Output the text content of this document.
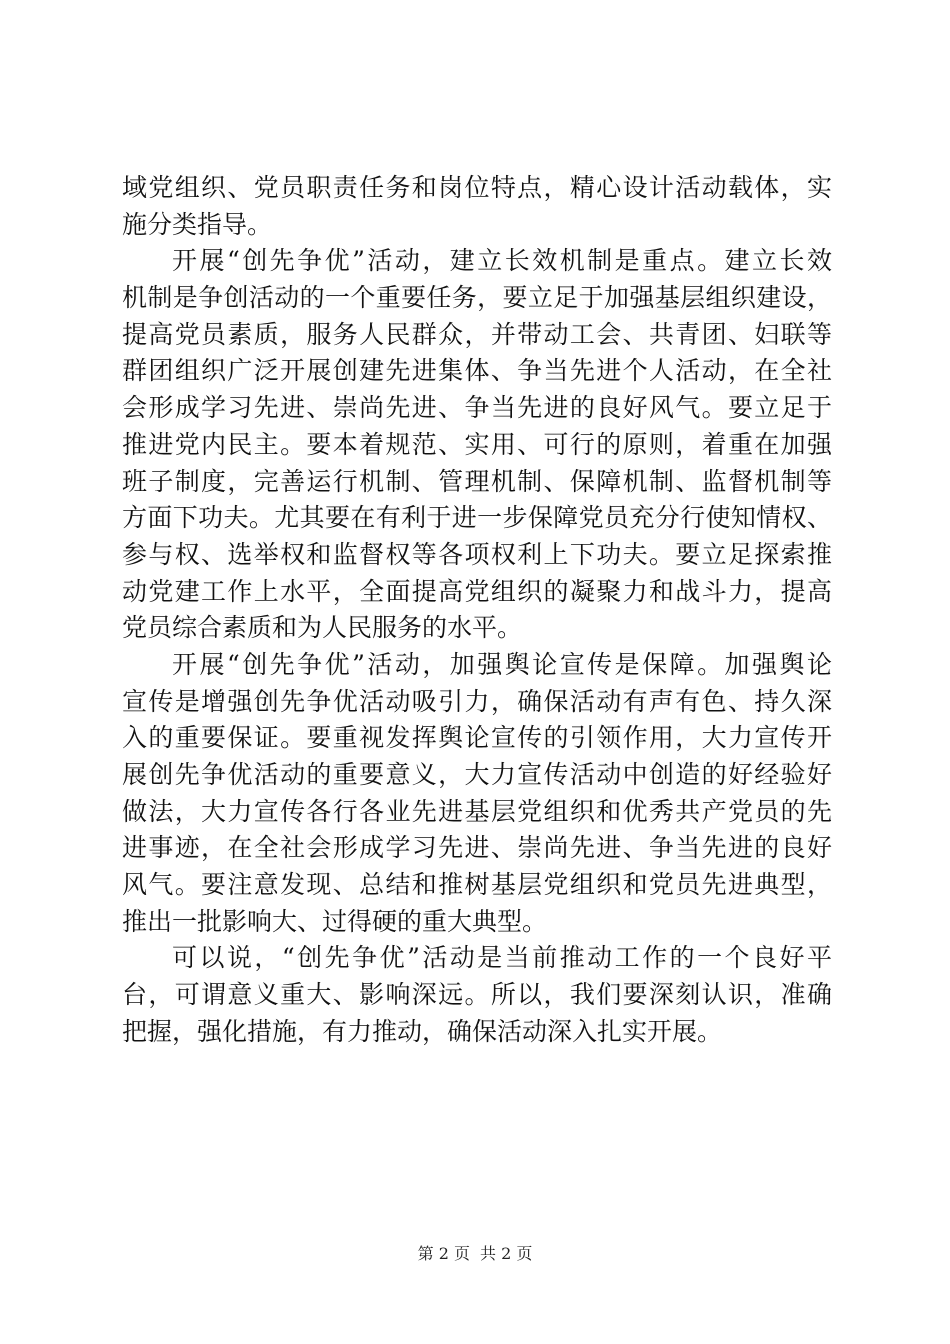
域党组织、党员职责任务和岗位特点，精心设计活动载体，实
施分类指导。
开展“创先争优”活动，建立长效机制是重点。建立长效
机制是争创活动的一个重要任务，要立足于加强基层组织建设，
提高党员素质，服务人民群众，并带动工会、共青团、妇联等
群团组织广泛开展创建先进集体、争当先进个人活动，在全社
会形成学习先进、崇尚先进、争当先进的良好风气。要立足于
推进党内民主。要本着规范、实用、可行的原则，着重在加强
班子制度，完善运行机制、管理机制、保障机制、监督机制等
方面下功夫。尤其要在有利于进一步保障党员充分行使知情权、
参与权、选举权和监督权等各项权利上下功夫。要立足探索推
动党建工作上水平，全面提高党组织的凝聚力和战斗力，提高
党员综合素质和为人民服务的水平。
开展“创先争优”活动，加强舆论宣传是保障。加强舆论
宣传是增强创先争优活动吸引力，确保活动有声有色、持久深
入的重要保证。要重视发挥舆论宣传的引领作用，大力宣传开
展创先争优活动的重要意义，大力宣传活动中创造的好经验好
做法，大力宣传各行各业先进基层党组织和优秀共产党员的先
进事迹，在全社会形成学习先进、崇尚先进、争当先进的良好
风气。要注意发现、总结和推树基层党组织和党员先进典型，
推出一批影响大、过得硬的重大典型。
可以说，“创先争优”活动是当前推动工作的一个良好平
台，可谓意义重大、影响深远。所以，我们要深刻认识，准确
把握，强化措施，有力推动，确保活动深入扎实开展。
第 2 页 共 2 页
